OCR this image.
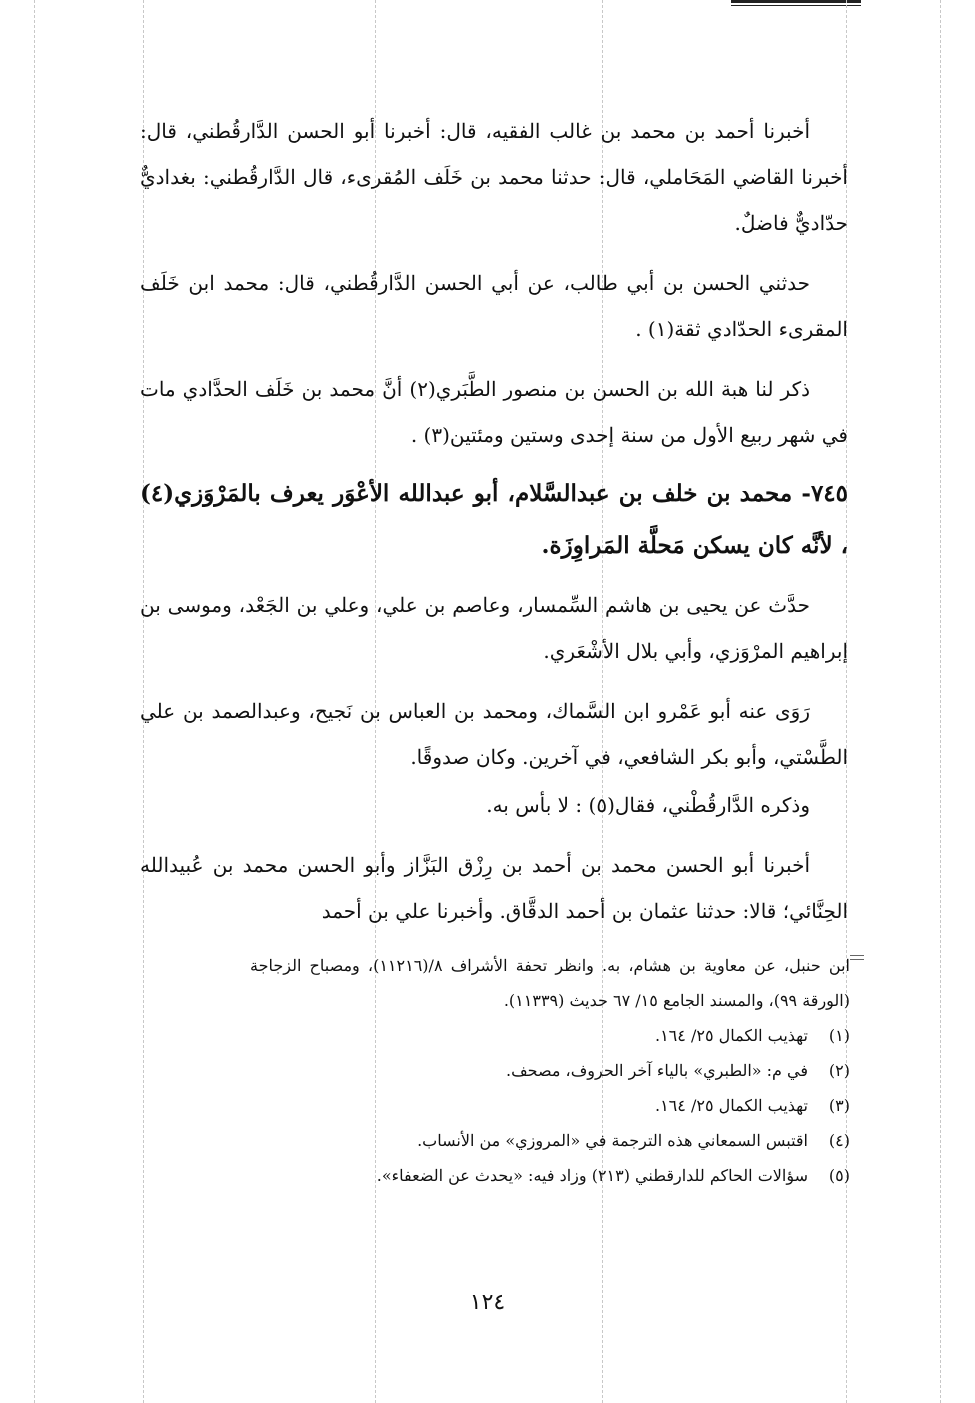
أخبرنا أحمد بن محمد بن غالب الفقيه، قال: أخبرنا أبو الحسن الدَّارقُطني، قال: أخبرنا القاضي المَحَاملي، قال: حدثنا محمد بن خَلَف المُقرىء، قال الدَّارقُطني: بغداديٌّ حدّاديٌّ فاضلٌ.

حدثني الحسن بن أبي طالب، عن أبي الحسن الدَّارقُطني، قال: محمد ابن خَلَف المقرىء الحدّادي ثقة(١) .

ذكر لنا هبة الله بن الحسن بن منصور الطَّبَري(٢) أنَّ محمد بن خَلَف الحدَّادي مات في شهر ربيع الأول من سنة إحدى وستين ومئتين(٣) .

٧٤٥- محمد بن خلف بن عبدالسَّلام، أبو عبدالله الأعْوَر يعرف بالمَرْوَزي(٤) ، لأنَّه كان يسكن مَحلَّة المَراوِزَة.

حدَّث عن يحيى بن هاشم السِّمسار، وعاصم بن علي، وعلي بن الجَعْد، وموسى بن إبراهيم المرْوَزي، وأبي بلال الأشْعَري.

رَوَى عنه أبو عَمْرو ابن السَّماك، ومحمد بن العباس بن نَجيح، وعبدالصمد بن علي الطَّسْتي، وأبو بكر الشافعي، في آخرين. وكان صدوقًا.

وذكره الدَّارقُطْني، فقال(٥) : لا بأس به.

أخبرنا أبو الحسن محمد بن أحمد بن رِزْق البَزَّاز وأبو الحسن محمد بن عُبيدالله الحِنَّائي؛ قالا: حدثنا عثمان بن أحمد الدقَّاق. وأخبرنا علي بن أحمد

ابن حنبل، عن معاوية بن هشام، به. وانظر تحفة الأشراف ٨/(١١٢١٦)، ومصباح الزجاجة (الورقة ٩٩)، والمسند الجامع ١٥/ ٦٧ حديث (١١٣٣٩).
(١)
تهذيب الكمال ٢٥/ ١٦٤.
(٢)
في م: «الطبري» بالياء آخر الحروف، مصحف.
(٣)
تهذيب الكمال ٢٥/ ١٦٤.
(٤)
اقتبس السمعاني هذه الترجمة في «المروزي» من الأنساب.
(٥)
سؤالات الحاكم للدارقطني (٢١٣) وزاد فيه: «يحدث عن الضعفاء».
١٢٤
